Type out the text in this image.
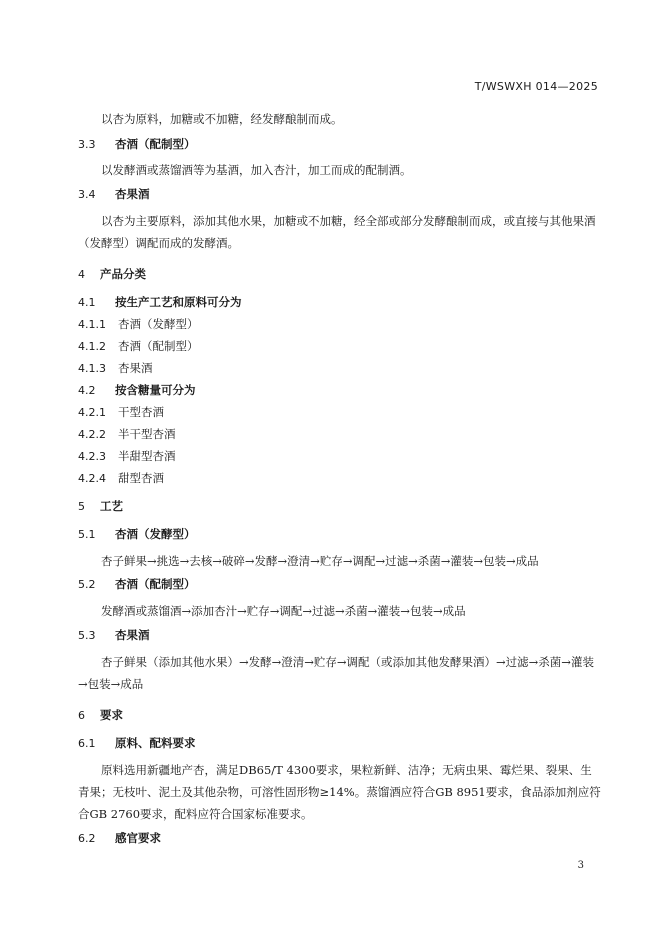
T/WSWXH 014—2025
以杏为原料，加糖或不加糖，经发酵酿制而成。
3.3 杏酒（配制型）
以发酵酒或蒸馏酒等为基酒，加入杏汁，加工而成的配制酒。
3.4 杏果酒
以杏为主要原料，添加其他水果，加糖或不加糖，经全部或部分发酵酿制而成，或直接与其他果酒（发酵型）调配而成的发酵酒。
4 产品分类
4.1 按生产工艺和原料可分为
4.1.1 杏酒（发酵型）
4.1.2 杏酒（配制型）
4.1.3 杏果酒
4.2 按含糖量可分为
4.2.1 干型杏酒
4.2.2 半干型杏酒
4.2.3 半甜型杏酒
4.2.4 甜型杏酒
5 工艺
5.1 杏酒（发酵型）
杏子鲜果→挑选→去核→破碎→发酵→澄清→贮存→调配→过滤→杀菌→灌装→包装→成品
5.2 杏酒（配制型）
发酵酒或蒸馏酒→添加杏汁→贮存→调配→过滤→杀菌→灌装→包装→成品
5.3 杏果酒
杏子鲜果（添加其他水果）→发酵→澄清→贮存→调配（或添加其他发酵果酒）→过滤→杀菌→灌装→包装→成品
6 要求
6.1 原料、配料要求
原料选用新疆地产杏，满足DB65/T 4300要求，果粒新鲜、洁净；无病虫果、霉烂果、裂果、生青果；无枝叶、泥土及其他杂物，可溶性固形物≥14%。蒸馏酒应符合GB 8951要求，食品添加剂应符合GB 2760要求，配料应符合国家标准要求。
6.2 感官要求
3
